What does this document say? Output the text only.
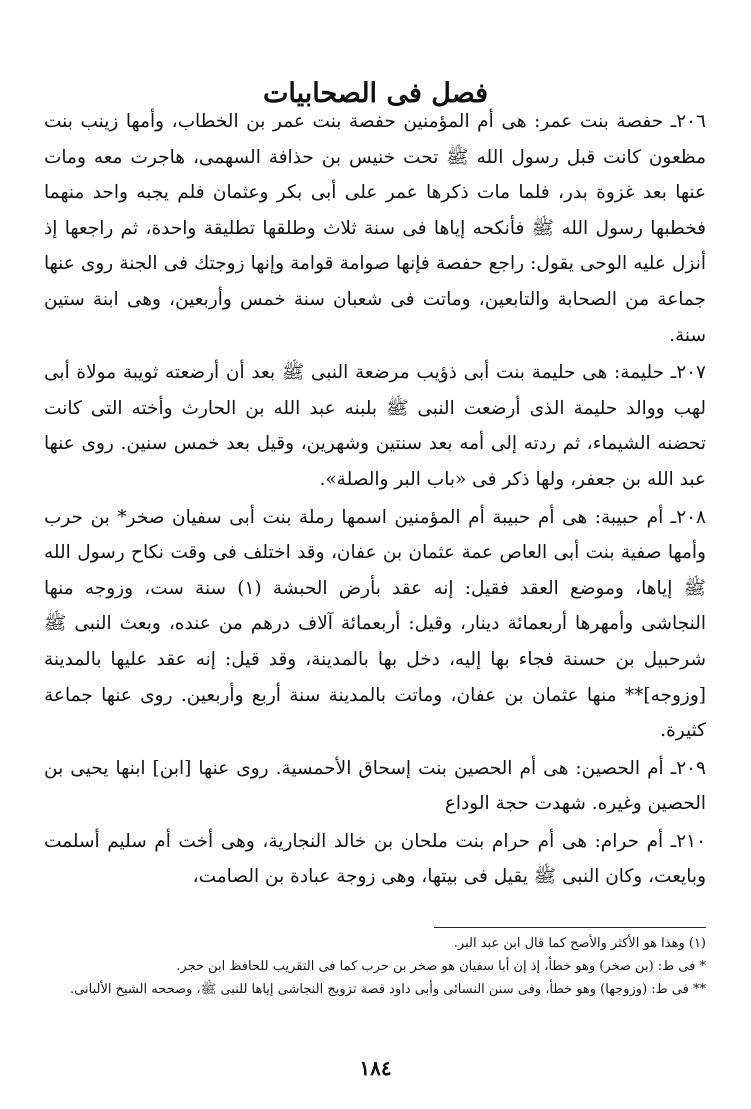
فصل فى الصحابيات

٢٠٦ـ حفصة بنت عمر: هى أم المؤمنين حفصة بنت عمر بن الخطاب، وأمها زينب بنت مظعون كانت قبل رسول الله ﷺ تحت خنيس بن حذافة السهمى، هاجرت معه ومات عنها بعد غزوة بدر، فلما مات ذكرها عمر على أبى بكر وعثمان فلم يجبه واحد منهما فخطبها رسول الله ﷺ فأنكحه إياها فى سنة ثلاث وطلقها تطليقة واحدة، ثم راجعها إذ أنزل عليه الوحى يقول: راجع حفصة فإنها صوامة قوامة وإنها زوجتك فى الجنة روى عنها جماعة من الصحابة والتابعين، وماتت فى شعبان سنة خمس وأربعين، وهى ابنة ستين سنة.

٢٠٧ـ حليمة: هى حليمة بنت أبى ذؤيب مرضعة النبى ﷺ بعد أن أرضعته ثويبة مولاة أبى لهب ووالد حليمة الذى أرضعت النبى ﷺ بلبنه عبد الله بن الحارث وأخته التى كانت تحضنه الشيماء، ثم ردته إلى أمه بعد سنتين وشهرين، وقيل بعد خمس سنين. روى عنها عبد الله بن جعفر، ولها ذكر فى «باب البر والصلة».

٢٠٨ـ أم حبيبة: هى أم حبيبة أم المؤمنين اسمها رملة بنت أبى سفيان صخر* بن حرب وأمها صفية بنت أبى العاص عمة عثمان بن عفان، وقد اختلف فى وقت نكاح رسول الله ﷺ إياها، وموضع العقد فقيل: إنه عقد بأرض الحبشة (١) سنة ست، وزوجه منها النجاشى وأمهرها أربعمائة دينار، وقيل: أربعمائة آلاف درهم من عنده، وبعث النبى ﷺ شرحبيل بن حسنة فجاء بها إليه، دخل بها بالمدينة، وقد قيل: إنه عقد عليها بالمدينة [وزوجه]** منها عثمان بن عفان، وماتت بالمدينة سنة أربع وأربعين. روى عنها جماعة كثيرة.

٢٠٩ـ أم الحصين: هى أم الحصين بنت إسحاق الأحمسية. روى عنها [ابن] ابنها يحيى بن الحصين وغيره. شهدت حجة الوداع

٢١٠ـ أم حرام: هى أم حرام بنت ملحان بن خالد النجارية، وهى أخت أم سليم أسلمت وبايعت، وكان النبى ﷺ يقيل فى بيتها، وهى زوجة عبادة بن الصامت،

(١) وهذا هو الأكثر والأصح كما قال ابن عبد البر.

* فى ط: (بن صخر) وهو خطأ، إذ إن أبا سفيان هو صخر بن حرب كما فى التقريب للحافظ ابن حجر.

** فى ط: (وزوجها) وهو خطأ، وفى سنن النسائى وأبى داود قصة تزويج النجاشى إياها للنبى ﷺ، وصححه الشيخ الألبانى.

١٨٤
